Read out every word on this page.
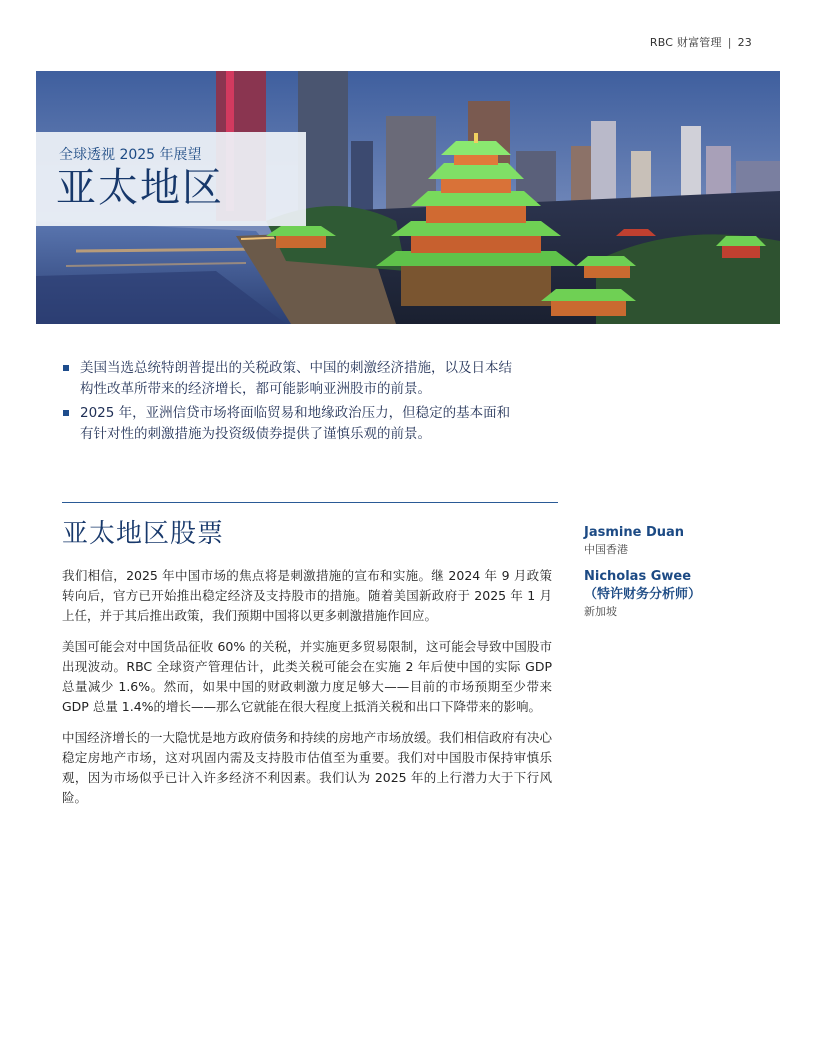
RBC 财富管理 | 23
全球透视 2025 年展望
亚太地区
美国当选总统特朗普提出的关税政策、中国的刺激经济措施，以及日本结构性改革所带来的经济增长，都可能影响亚洲股市的前景。
2025 年，亚洲信贷市场将面临贸易和地缘政治压力，但稳定的基本面和有针对性的刺激措施为投资级债券提供了谨慎乐观的前景。
亚太地区股票

我们相信，2025 年中国市场的焦点将是刺激措施的宣布和实施。继 2024 年 9 月政策转向后，官方已开始推出稳定经济及支持股市的措施。随着美国新政府于 2025 年 1 月上任，并于其后推出政策，我们预期中国将以更多刺激措施作回应。

美国可能会对中国货品征收 60% 的关税，并实施更多贸易限制，这可能会导致中国股市出现波动。RBC 全球资产管理估计，此类关税可能会在实施 2 年后使中国的实际 GDP 总量减少 1.6%。然而，如果中国的财政刺激力度足够大——目前的市场预期至少带来GDP 总量 1.4%的增长——那么它就能在很大程度上抵消关税和出口下降带来的影响。

中国经济增长的一大隐忧是地方政府债务和持续的房地产市场放缓。我们相信政府有决心稳定房地产市场，这对巩固内需及支持股市估值至为重要。我们对中国股市保持审慎乐观，因为市场似乎已计入许多经济不利因素。我们认为 2025 年的上行潜力大于下行风险。

Jasmine Duan
中国香港
Nicholas Gwee
（特许财务分析师）
新加坡
